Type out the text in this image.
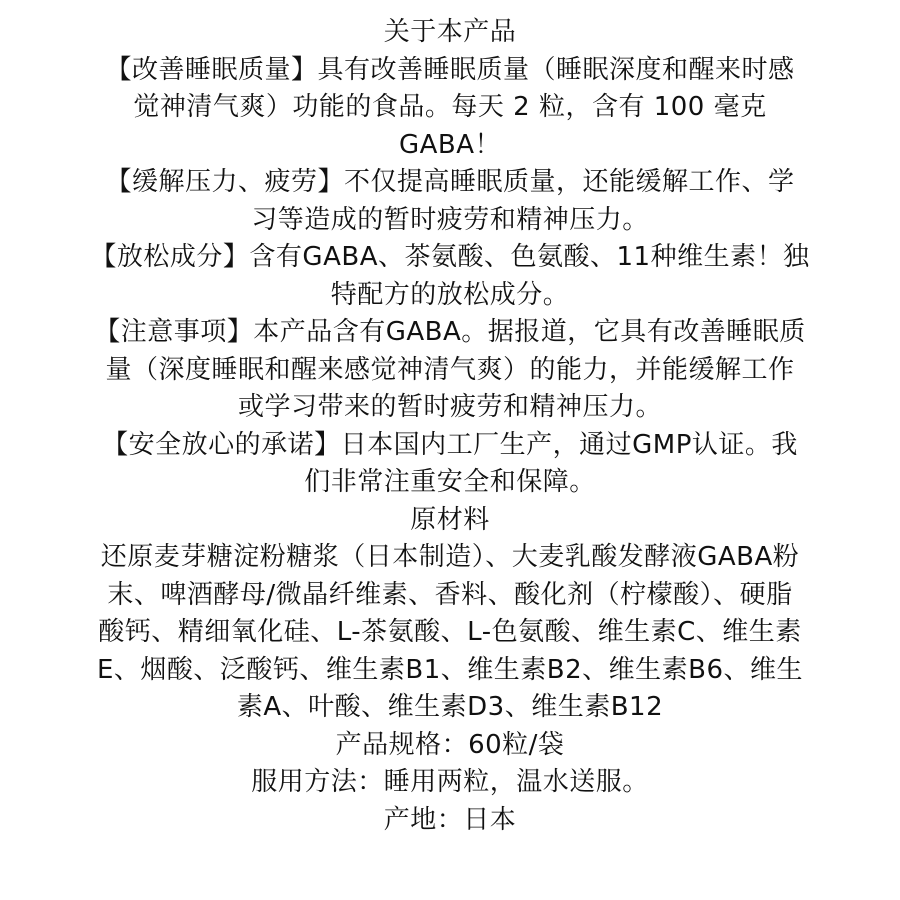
关于本产品
【改善睡眠质量】具有改善睡眠质量（睡眠深度和醒来时感
觉神清气爽）功能的食品。每天 2 粒，含有 100 毫克
GABA！
【缓解压力、疲劳】不仅提高睡眠质量，还能缓解工作、学
习等造成的暂时疲劳和精神压力。
【放松成分】含有GABA、茶氨酸、色氨酸、11种维生素！独
特配方的放松成分。
【注意事项】本产品含有GABA。据报道，它具有改善睡眠质
量（深度睡眠和醒来感觉神清气爽）的能力，并能缓解工作
或学习带来的暂时疲劳和精神压力。
【安全放心的承诺】日本国内工厂生产，通过GMP认证。我
们非常注重安全和保障。
原材料
还原麦芽糖淀粉糖浆（日本制造）、大麦乳酸发酵液GABA粉
末、啤酒酵母/微晶纤维素、香料、酸化剂（柠檬酸）、硬脂
酸钙、精细氧化硅、L-茶氨酸、L-色氨酸、维生素C、维生素
E、烟酸、泛酸钙、维生素B1、维生素B2、维生素B6、维生
素A、叶酸、维生素D3、维生素B12
产品规格：60粒/袋
服用方法：睡用两粒，温水送服。
产地：日本
